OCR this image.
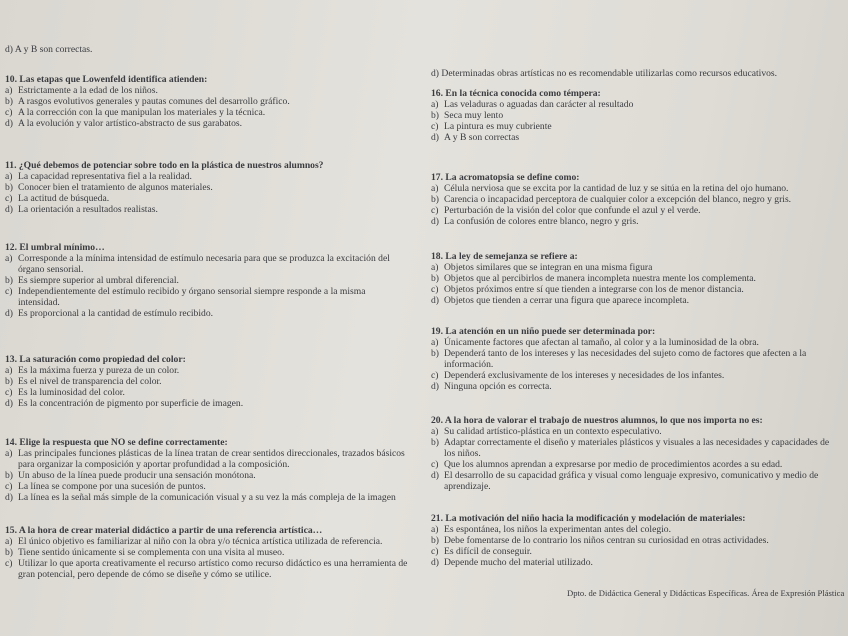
d) A y B son correctas.
10. Las etapas que Lowenfeld identifica atienden:
a) Estrictamente a la edad de los niños.
b) A rasgos evolutivos generales y pautas comunes del desarrollo gráfico.
c) A la corrección con la que manipulan los materiales y la técnica.
d) A la evolución y valor artístico-abstracto de sus garabatos.
11. ¿Qué debemos de potenciar sobre todo en la plástica de nuestros alumnos?
a) La capacidad representativa fiel a la realidad.
b) Conocer bien el tratamiento de algunos materiales.
c) La actitud de búsqueda.
d) La orientación a resultados realistas.
12. El umbral mínimo…
a) Corresponde a la mínima intensidad de estímulo necesaria para que se produzca la excitación del
órgano sensorial.
b) Es siempre superior al umbral diferencial.
c) Independientemente del estímulo recibido y órgano sensorial siempre responde a la misma
intensidad.
d) Es proporcional a la cantidad de estímulo recibido.
13. La saturación como propiedad del color:
a) Es la máxima fuerza y pureza de un color.
b) Es el nivel de transparencia del color.
c) Es la luminosidad del color.
d) Es la concentración de pigmento por superficie de imagen.
14. Elige la respuesta que NO se define correctamente:
a) Las principales funciones plásticas de la línea tratan de crear sentidos direccionales, trazados básicos
para organizar la composición y aportar profundidad a la composición.
b) Un abuso de la línea puede producir una sensación monótona.
c) La línea se compone por una sucesión de puntos.
d) La línea es la señal más simple de la comunicación visual y a su vez la más compleja de la imagen
15. A la hora de crear material didáctico a partir de una referencia artística…
a) El único objetivo es familiarizar al niño con la obra y/o técnica artística utilizada de referencia.
b) Tiene sentido únicamente si se complementa con una visita al museo.
c) Utilizar lo que aporta creativamente el recurso artístico como recurso didáctico es una herramienta de
gran potencial, pero depende de cómo se diseñe y cómo se utilice.
d) Determinadas obras artísticas no es recomendable utilizarlas como recursos educativos.
16. En la técnica conocida como témpera:
a) Las veladuras o aguadas dan carácter al resultado
b) Seca muy lento
c) La pintura es muy cubriente
d) A y B son correctas
17. La acromatopsia se define como:
a) Célula nerviosa que se excita por la cantidad de luz y se sitúa en la retina del ojo humano.
b) Carencia o incapacidad perceptora de cualquier color a excepción del blanco, negro y gris.
c) Perturbación de la visión del color que confunde el azul y el verde.
d) La confusión de colores entre blanco, negro y gris.
18. La ley de semejanza se refiere a:
a) Objetos similares que se integran en una misma figura
b) Objetos que al percibirlos de manera incompleta nuestra mente los complementa.
c) Objetos próximos entre sí que tienden a integrarse con los de menor distancia.
d) Objetos que tienden a cerrar una figura que aparece incompleta.
19. La atención en un niño puede ser determinada por:
a) Únicamente factores que afectan al tamaño, al color y a la luminosidad de la obra.
b) Dependerá tanto de los intereses y las necesidades del sujeto como de factores que afecten a la
información.
c) Dependerá exclusivamente de los intereses y necesidades de los infantes.
d) Ninguna opción es correcta.
20. A la hora de valorar el trabajo de nuestros alumnos, lo que nos importa no es:
a) Su calidad artístico-plástica en un contexto especulativo.
b) Adaptar correctamente el diseño y materiales plásticos y visuales a las necesidades y capacidades de
los niños.
c) Que los alumnos aprendan a expresarse por medio de procedimientos acordes a su edad.
d) El desarrollo de su capacidad gráfica y visual como lenguaje expresivo, comunicativo y medio de
aprendizaje.
21. La motivación del niño hacia la modificación y modelación de materiales:
a) Es espontánea, los niños la experimentan antes del colegio.
b) Debe fomentarse de lo contrario los niños centran su curiosidad en otras actividades.
c) Es difícil de conseguir.
d) Depende mucho del material utilizado.
Dpto. de Didáctica General y Didácticas Específicas. Área de Expresión Plástica
